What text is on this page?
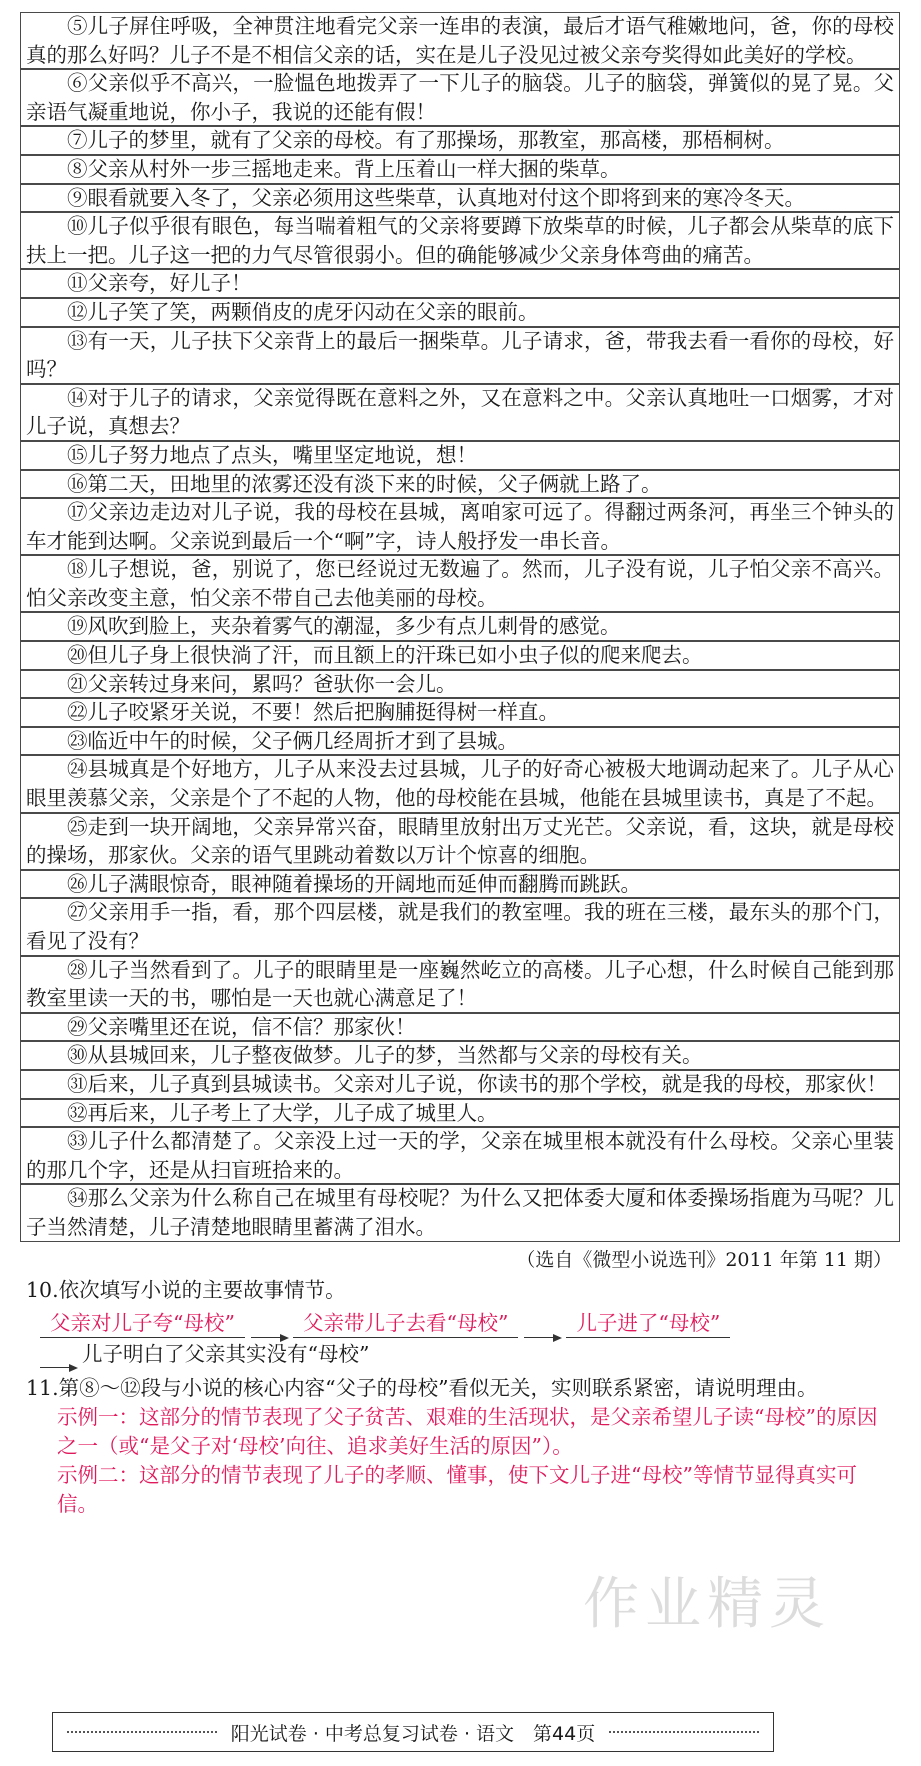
⑤儿子屏住呼吸，全神贯注地看完父亲一连串的表演，最后才语气稚嫩地问，爸，你的母校真的那么好吗？儿子不是不相信父亲的话，实在是儿子没见过被父亲夸奖得如此美好的学校。

⑥父亲似乎不高兴，一脸愠色地拨弄了一下儿子的脑袋。儿子的脑袋，弹簧似的晃了晃。父亲语气凝重地说，你小子，我说的还能有假！

⑦儿子的梦里，就有了父亲的母校。有了那操场，那教室，那高楼，那梧桐树。

⑧父亲从村外一步三摇地走来。背上压着山一样大捆的柴草。

⑨眼看就要入冬了，父亲必须用这些柴草，认真地对付这个即将到来的寒冷冬天。

⑩儿子似乎很有眼色，每当喘着粗气的父亲将要蹲下放柴草的时候，儿子都会从柴草的底下扶上一把。儿子这一把的力气尽管很弱小。但的确能够减少父亲身体弯曲的痛苦。

⑪父亲夸，好儿子！

⑫儿子笑了笑，两颗俏皮的虎牙闪动在父亲的眼前。

⑬有一天，儿子扶下父亲背上的最后一捆柴草。儿子请求，爸，带我去看一看你的母校，好吗？

⑭对于儿子的请求，父亲觉得既在意料之外，又在意料之中。父亲认真地吐一口烟雾，才对儿子说，真想去？

⑮儿子努力地点了点头，嘴里坚定地说，想！

⑯第二天，田地里的浓雾还没有淡下来的时候，父子俩就上路了。

⑰父亲边走边对儿子说，我的母校在县城，离咱家可远了。得翻过两条河，再坐三个钟头的车才能到达啊。父亲说到最后一个“啊”字，诗人般抒发一串长音。

⑱儿子想说，爸，别说了，您已经说过无数遍了。然而，儿子没有说，儿子怕父亲不高兴。怕父亲改变主意，怕父亲不带自己去他美丽的母校。

⑲风吹到脸上，夹杂着雾气的潮湿，多少有点儿刺骨的感觉。

⑳但儿子身上很快淌了汗，而且额上的汗珠已如小虫子似的爬来爬去。

㉑父亲转过身来问，累吗？爸驮你一会儿。

㉒儿子咬紧牙关说，不要！然后把胸脯挺得树一样直。

㉓临近中午的时候，父子俩几经周折才到了县城。

㉔县城真是个好地方，儿子从来没去过县城，儿子的好奇心被极大地调动起来了。儿子从心眼里羡慕父亲，父亲是个了不起的人物，他的母校能在县城，他能在县城里读书，真是了不起。

㉕走到一块开阔地，父亲异常兴奋，眼睛里放射出万丈光芒。父亲说，看，这块，就是母校的操场，那家伙。父亲的语气里跳动着数以万计个惊喜的细胞。

㉖儿子满眼惊奇，眼神随着操场的开阔地而延伸而翻腾而跳跃。

㉗父亲用手一指，看，那个四层楼，就是我们的教室哩。我的班在三楼，最东头的那个门，看见了没有？

㉘儿子当然看到了。儿子的眼睛里是一座巍然屹立的高楼。儿子心想，什么时候自己能到那教室里读一天的书，哪怕是一天也就心满意足了！

㉙父亲嘴里还在说，信不信？那家伙！

㉚从县城回来，儿子整夜做梦。儿子的梦，当然都与父亲的母校有关。

㉛后来，儿子真到县城读书。父亲对儿子说，你读书的那个学校，就是我的母校，那家伙！

㉜再后来，儿子考上了大学，儿子成了城里人。

㉝儿子什么都清楚了。父亲没上过一天的学，父亲在城里根本就没有什么母校。父亲心里装的那几个字，还是从扫盲班拾来的。

㉞那么父亲为什么称自己在城里有母校呢？为什么又把体委大厦和体委操场指鹿为马呢？儿子当然清楚，儿子清楚地眼睛里蓄满了泪水。

（选自《微型小说选刊》2011 年第 11 期）
10.依次填写小说的主要故事情节。
父亲对儿子夸“母校”	父亲带儿子去看“母校”	儿子进了“母校”
儿子明白了父亲其实没有“母校”
11.第⑧～⑫段与小说的核心内容“父子的母校”看似无关，实则联系紧密，请说明理由。

示例一：这部分的情节表现了父子贫苦、艰难的生活现状，是父亲希望儿子读“母校”的原因之一（或“是父子对‘母校’向往、追求美好生活的原因”）。

示例二：这部分的情节表现了儿子的孝顺、懂事，使下文儿子进“母校”等情节显得真实可信。

作业精灵
阳光试卷 · 中考总复习试卷 · 语文　第44页
